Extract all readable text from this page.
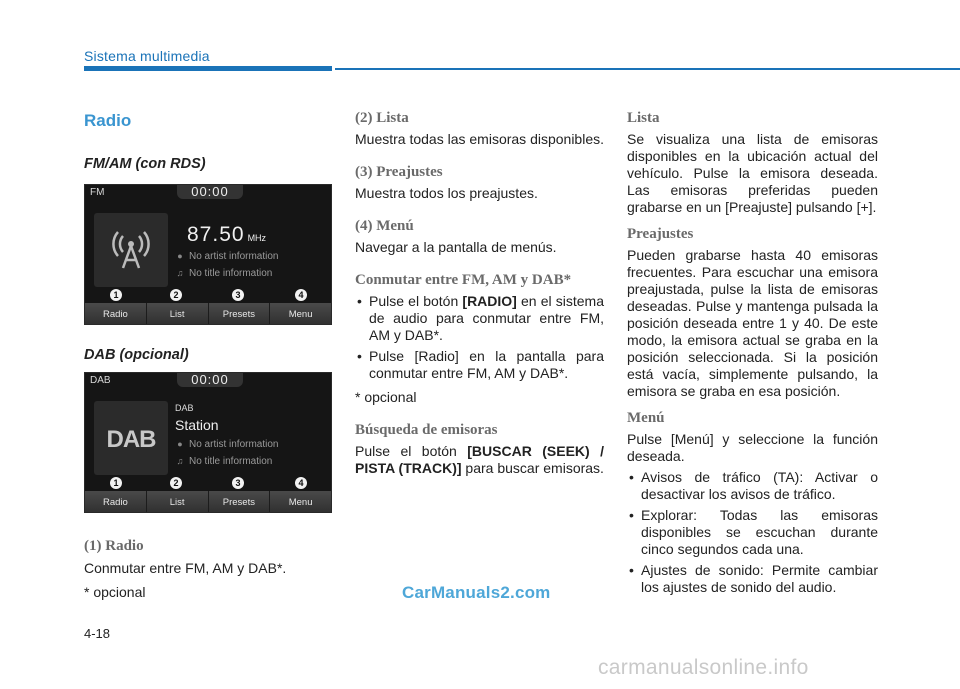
Sistema multimedia
Radio
FM/AM (con RDS)
FM	00:00
87.50 MHz
● No artist information
♫ No title information
1	2	3	4
Radio	List	Presets	Menu
DAB (opcional)
DAB	00:00
DAB
DAB
Station
● No artist information
♫ No title information
1	2	3	4
Radio	List	Presets	Menu
(1) Radio
Conmutar entre FM, AM y DAB*.
* opcional
(2) Lista
Muestra todas las emisoras disponibles.
(3) Preajustes
Muestra todos los preajustes.
(4) Menú
Navegar a la pantalla de menús.
Conmutar entre FM, AM y DAB*
• Pulse el botón [RADIO] en el sistema de audio para conmutar entre FM, AM y DAB*.
• Pulse [Radio] en la pantalla para conmutar entre FM, AM y DAB*.
* opcional
Búsqueda de emisoras
Pulse el botón [BUSCAR (SEEK) / PISTA (TRACK)] para buscar emisoras.
Lista
Se visualiza una lista de emisoras disponibles en la ubicación actual del vehículo. Pulse la emisora deseada. Las emisoras preferidas pueden grabarse en un [Preajuste] pulsando [+].
Preajustes
Pueden grabarse hasta 40 emisoras frecuentes. Para escuchar una emisora preajustada, pulse la lista de emisoras deseadas. Pulse y mantenga pulsada la posición deseada entre 1 y 40. De este modo, la emisora actual se graba en la posición seleccionada. Si la posición está vacía, simplemente pulsando, la emisora se graba en esa posición.
Menú
Pulse [Menú] y seleccione la función deseada.
• Avisos de tráfico (TA): Activar o desactivar los avisos de tráfico.
• Explorar: Todas las emisoras disponibles se escuchan durante cinco segundos cada una.
• Ajustes de sonido: Permite cambiar los ajustes de sonido del audio.
4-18
CarManuals2.com
carmanualsonline.info
